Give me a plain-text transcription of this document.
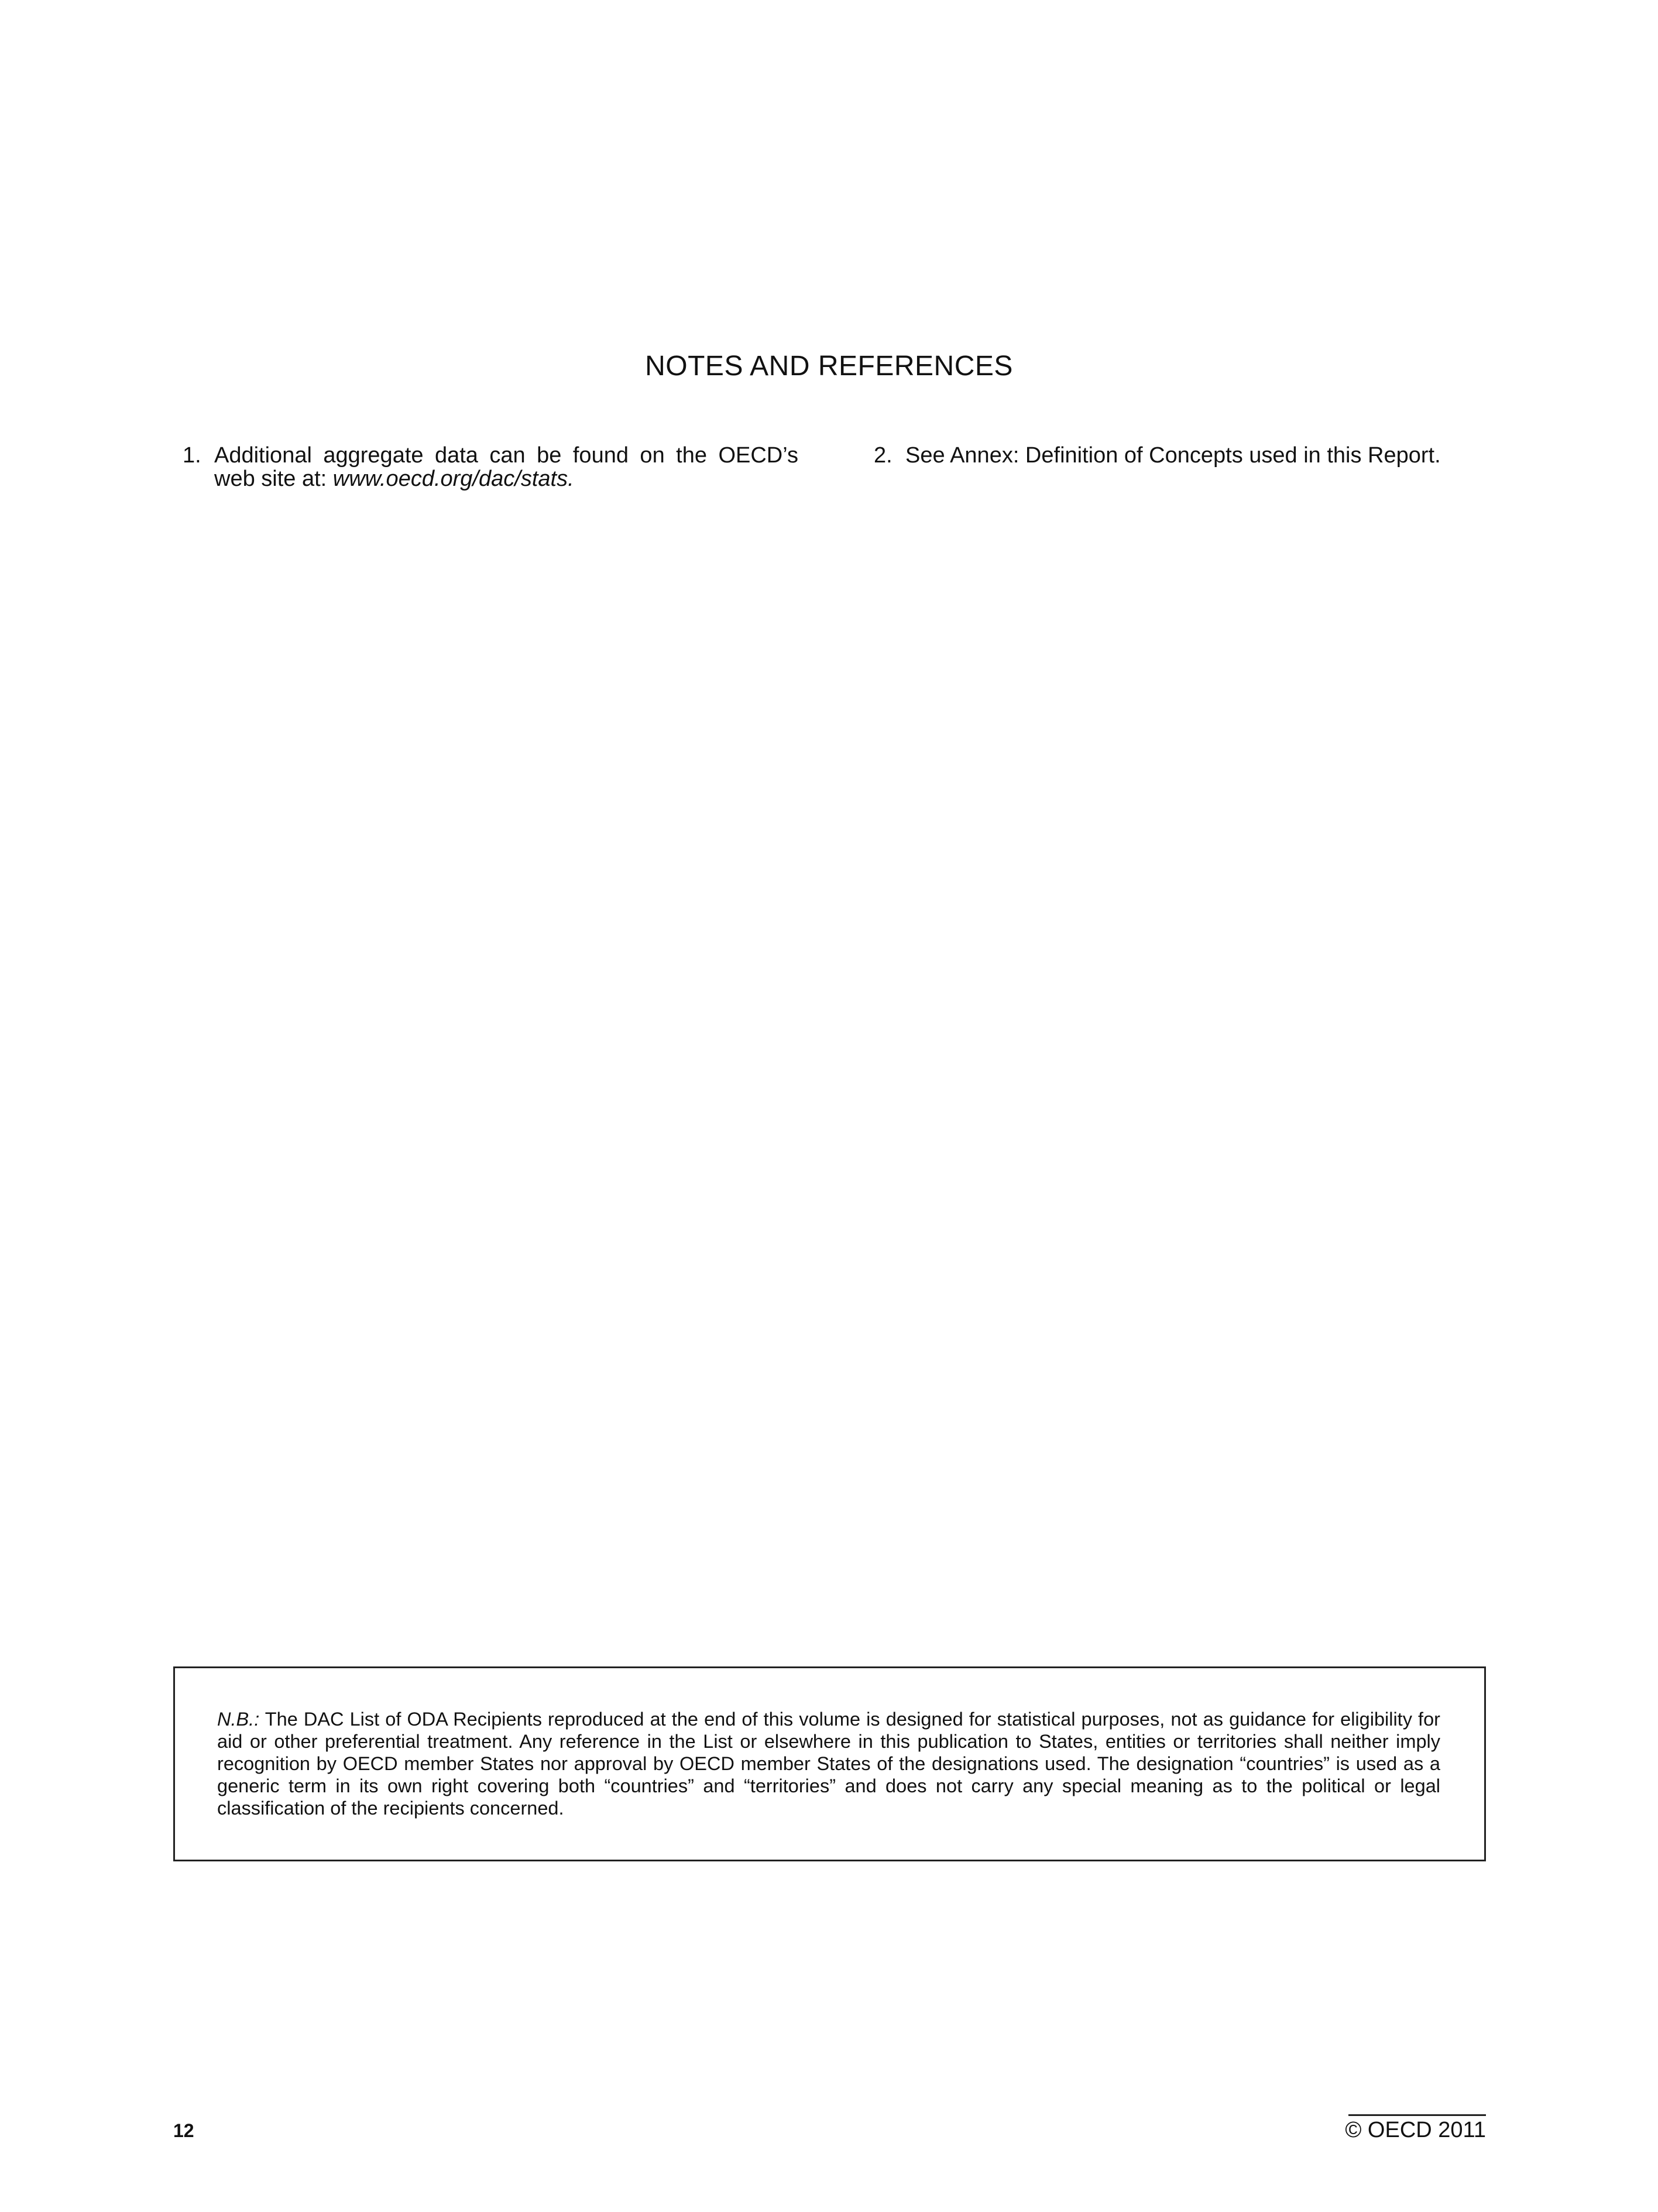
NOTES AND REFERENCES
1. Additional aggregate data can be found on the OECD’s web site at: www.oecd.org/dac/stats.
2. See Annex: Definition of Concepts used in this Report.
N.B.: The DAC List of ODA Recipients reproduced at the end of this volume is designed for statistical purposes, not as guidance for eligibility for aid or other preferential treatment. Any reference in the List or elsewhere in this publication to States, entities or territories shall neither imply recognition by OECD member States nor approval by OECD member States of the designations used. The designation “countries” is used as a generic term in its own right covering both “countries” and “territories” and does not carry any special meaning as to the political or legal classification of the recipients concerned.
12	© OECD 2011
